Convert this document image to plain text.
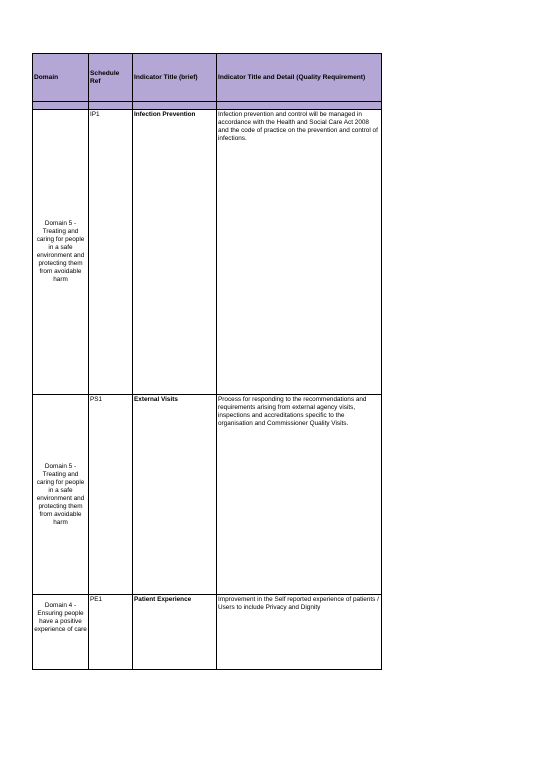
Domain	Schedule Ref	Indicator Title (brief)	Indicator Title and Detail (Quality Requirement)

Domain 5 - Treating and caring for people in a safe environment and protecting them from avoidable harm	IP1	Infection Prevention	Infection prevention and control will be managed in accordance with the Health and Social Care Act 2008 and the code of practice on the prevention and control of infections.
Domain 5 - Treating and caring for people in a safe environment and protecting them from avoidable harm	PS1	External Visits	Process for responding to the recommendations and requirements arising from external agency visits, inspections and accreditations specific to the organisation and Commissioner Quality Visits.
Domain 4 - Ensuring people have a positive experience of care	PE1	Patient Experience	Improvement in the Self reported experience of patients / Users to include Privacy and Dignity
